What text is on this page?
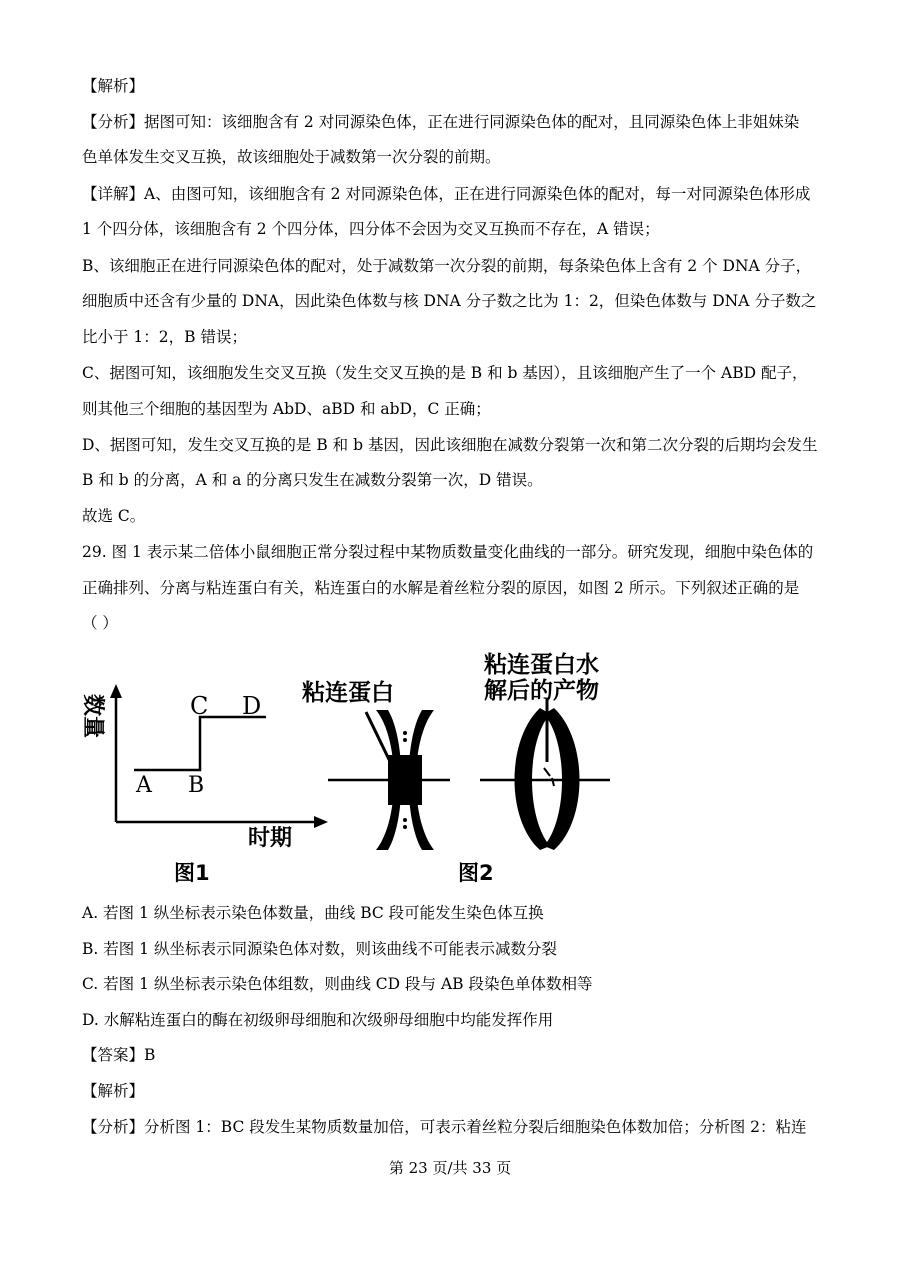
【解析】
【分析】据图可知：该细胞含有 2 对同源染色体，正在进行同源染色体的配对，且同源染色体上非姐妹染
色单体发生交叉互换，故该细胞处于减数第一次分裂的前期。
【详解】A、由图可知，该细胞含有 2 对同源染色体，正在进行同源染色体的配对，每一对同源染色体形成
1 个四分体，该细胞含有 2 个四分体，四分体不会因为交叉互换而不存在，A 错误；
B、该细胞正在进行同源染色体的配对，处于减数第一次分裂的前期，每条染色体上含有 2 个 DNA 分子，
细胞质中还含有少量的 DNA，因此染色体数与核 DNA 分子数之比为 1：2，但染色体数与 DNA 分子数之
比小于 1：2，B 错误；
C、据图可知，该细胞发生交叉互换（发生交叉互换的是 B 和 b 基因），且该细胞产生了一个 ABD 配子，
则其他三个细胞的基因型为 AbD、aBD 和 abD，C 正确；
D、据图可知，发生交叉互换的是 B 和 b 基因，因此该细胞在减数分裂第一次和第二次分裂的后期均会发生
B 和 b 的分离，A 和 a 的分离只发生在减数分裂第一次，D 错误。
故选 C。
29. 图 1 表示某二倍体小鼠细胞正常分裂过程中某物质数量变化曲线的一部分。研究发现，细胞中染色体的
正确排列、分离与粘连蛋白有关，粘连蛋白的水解是着丝粒分裂的原因，如图 2 所示。下列叙述正确的是
（ ）
数量
时期
A B
C D
图1
粘连蛋白
粘连蛋白水
解后的产物
图2
A. 若图 1 纵坐标表示染色体数量，曲线 BC 段可能发生染色体互换
B. 若图 1 纵坐标表示同源染色体对数，则该曲线不可能表示减数分裂
C. 若图 1 纵坐标表示染色体组数，则曲线 CD 段与 AB 段染色单体数相等
D. 水解粘连蛋白的酶在初级卵母细胞和次级卵母细胞中均能发挥作用
【答案】B
【解析】
【分析】分析图 1：BC 段发生某物质数量加倍，可表示着丝粒分裂后细胞染色体数加倍；分析图 2：粘连
第 23 页/共 33 页
